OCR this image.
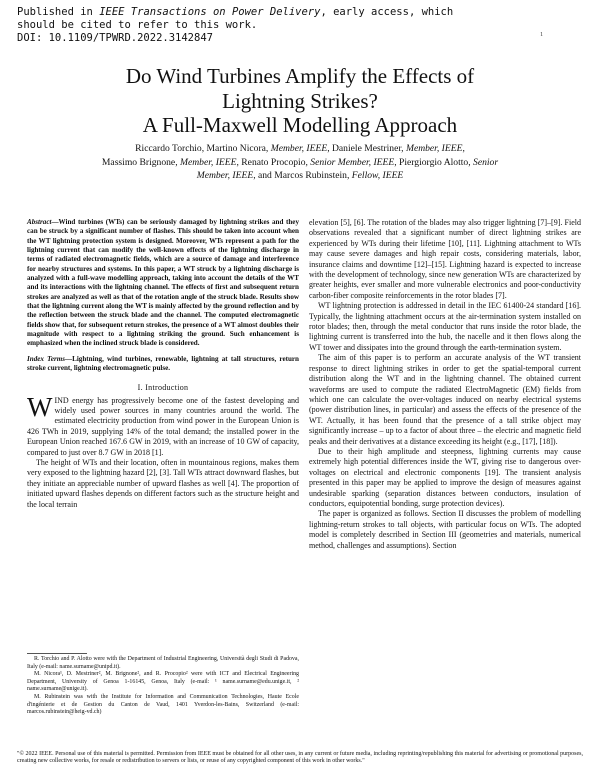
Published in IEEE Transactions on Power Delivery, early access, which
should be cited to refer to this work.
DOI: 10.1109/TPWRD.2022.3142847	1
Do Wind Turbines Amplify the Effects of
Lightning Strikes?
A Full-Maxwell Modelling Approach
Riccardo Torchio, Martino Nicora, Member, IEEE, Daniele Mestriner, Member, IEEE,
Massimo Brignone, Member, IEEE, Renato Procopio, Senior Member, IEEE, Piergiorgio Alotto, Senior
Member, IEEE, and Marcos Rubinstein, Fellow, IEEE

Abstract—Wind turbines (WTs) can be seriously damaged by lightning strikes and they can be struck by a significant number of flashes. This should be taken into account when the WT lightning protection system is designed. Moreover, WTs represent a path for the lightning current that can modify the well-known effects of the lightning discharge in terms of radiated electromagnetic fields, which are a source of damage and interference for nearby structures and systems. In this paper, a WT struck by a lightning discharge is analyzed with a full-wave modelling approach, taking into account the details of the WT and its interactions with the lightning channel. The effects of first and subsequent return strokes are analyzed as well as that of the rotation angle of the struck blade. Results show that the lightning current along the WT is mainly affected by the ground reflection and by the reflection between the struck blade and the channel. The computed electromagnetic fields show that, for subsequent return strokes, the presence of a WT almost doubles their magnitude with respect to a lightning striking the ground. Such enhancement is emphasized when the inclined struck blade is considered.

Index Terms—Lightning, wind turbines, renewable, lightning at tall structures, return stroke current, lightning electromagnetic pulse.

I. Introduction

WIND energy has progressively become one of the fastest developing and widely used power sources in many countries around the world. The estimated electricity production from wind power in the European Union is 426 TWh in 2019, supplying 14% of the total demand; the installed power in the European Union reached 167.6 GW in 2019, with an increase of 10 GW of capacity, compared to just over 8.7 GW in 2018 [1].

The height of WTs and their location, often in mountainous regions, makes them very exposed to the lightning hazard [2], [3]. Tall WTs attract downward flashes, but they initiate an appreciable number of upward flashes as well [4]. The proportion of initiated upward flashes depends on different factors such as the structure height and the local terrain

R. Torchio and P. Alotto were with the Department of Industrial Engineering, Università degli Studi di Padova, Italy (e-mail: name.surname@unipd.it).

M. Nicora¹, D. Mestriner², M. Brignone², and R. Procopio² were with ICT and Electrical Engineering Department, University of Genoa 1-16145, Genoa, Italy (e-mail: ¹ name.surname@edu.unige.it, ² name.surname@unige.it).

M. Rubinstein was with the Institute for Information and Communication Technologies, Haute Ecole d'ingénierie et de Gestion du Canton de Vaud, 1401 Yverdon-les-Bains, Switzerland (e-mail: marcos.rubinstein@heig-vd.ch)

elevation [5], [6]. The rotation of the blades may also trigger lightning [7]–[9]. Field observations revealed that a significant number of direct lightning strikes are experienced by WTs during their lifetime [10], [11]. Lightning attachment to WTs may cause severe damages and high repair costs, considering materials, labor, insurance claims and downtime [12]–[15]. Lightning hazard is expected to increase with the development of technology, since new generation WTs are characterized by greater heights, ever smaller and more vulnerable electronics and poor-conductivity carbon-fiber composite reinforcements in the rotor blades [7].

WT lightning protection is addressed in detail in the IEC 61400-24 standard [16]. Typically, the lightning attachment occurs at the air-termination system installed on rotor blades; then, through the metal conductor that runs inside the rotor blade, the lightning current is transferred into the hub, the nacelle and it then flows along the WT tower and dissipates into the ground through the earth-termination system.

The aim of this paper is to perform an accurate analysis of the WT transient response to direct lightning strikes in order to get the spatial-temporal current distribution along the WT and in the lightning channel. The obtained current waveforms are used to compute the radiated ElectroMagnetic (EM) fields from which one can calculate the over-voltages induced on nearby electrical systems (power distribution lines, in particular) and assess the effects of the presence of the WT. Actually, it has been found that the presence of a tall strike object may significantly increase – up to a factor of about three – the electric and magnetic field peaks and their derivatives at a distance exceeding its height (e.g., [17], [18]).

Due to their high amplitude and steepness, lightning currents may cause extremely high potential differences inside the WT, giving rise to dangerous over-voltages on electrical and electronic components [19]. The transient analysis presented in this paper may be applied to improve the design of measures against undesirable sparking (separation distances between conductors, insulation of conductors, equipotential bonding, surge protection devices).

The paper is organized as follows. Section II discusses the problem of modelling lightning-return strokes to tall objects, with particular focus on WTs. The adopted model is completely described in Section III (geometries and materials, numerical method, challenges and assumptions). Section

"© 2022 IEEE. Personal use of this material is permitted. Permission from IEEE must be obtained for all other uses, in any current or future media, including reprinting/republishing this material for advertising or promotional purposes, creating new collective works, for resale or redistribution to servers or lists, or reuse of any copyrighted component of this work in other works."
